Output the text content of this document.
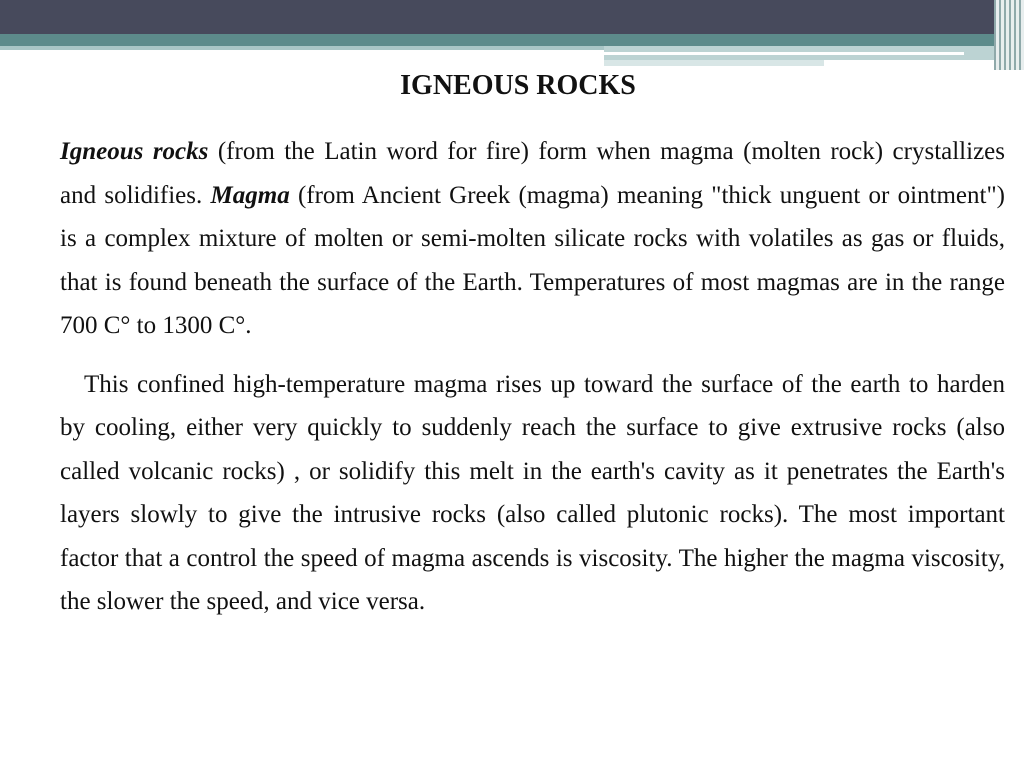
IGNEOUS ROCKS

Igneous rocks (from the Latin word for fire) form when magma (molten rock) crystallizes and solidifies. Magma (from Ancient Greek (magma) meaning "thick unguent or ointment") is a complex mixture of molten or semi-molten silicate rocks with volatiles as gas or fluids, that is found beneath the surface of the Earth. Temperatures of most magmas are in the range 700 C° to 1300 C°.

This confined high-temperature magma rises up toward the surface of the earth to harden by cooling, either very quickly to suddenly reach the surface to give extrusive rocks (also called volcanic rocks) , or solidify this melt in the earth's cavity as it penetrates the Earth's layers slowly to give the intrusive rocks (also called plutonic rocks). The most important factor that a control the speed of magma ascends is viscosity. The higher the magma viscosity, the slower the speed, and vice versa.
